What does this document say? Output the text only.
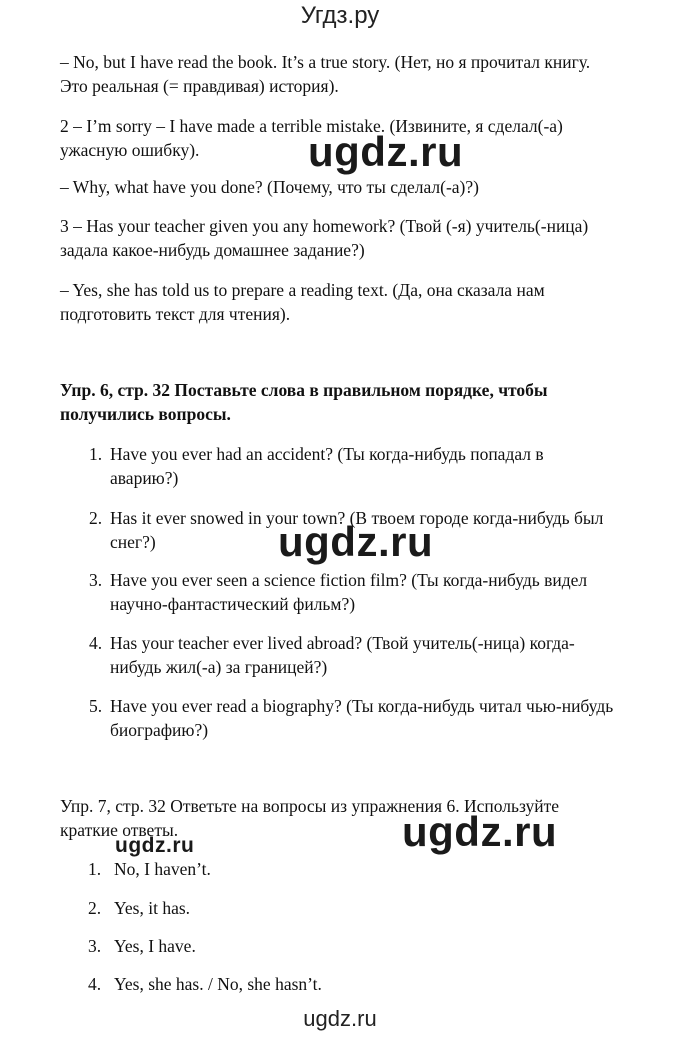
Угдз.ру

– No, but I have read the book. It’s a true story. (Нет, но я прочитал книгу. Это реальная (= правдивая) история).

ugdz.ru

2 – I’m sorry – I have made a terrible mistake. (Извините, я сделал(-а) ужасную ошибку).

– Why, what have you done? (Почему, что ты сделал(-а)?)

3 – Has your teacher given you any homework? (Твой (-я) учитель(-ница) задала какое-нибудь домашнее задание?)

– Yes, she has told us to prepare a reading text. (Да, она сказала нам подготовить текст для чтения).

Упр. 6, стр. 32 Поставьте слова в правильном порядке, чтобы получились вопросы.

1. Have you ever had an accident? (Ты когда-нибудь попадал в аварию?)
2. Has it ever snowed in your town? (В твоем городе когда-нибудь был снег?)
3. Have you ever seen a science fiction film? (Ты когда-нибудь видел научно-фантастический фильм?)
4. Has your teacher ever lived abroad? (Твой учитель(-ница) когда-нибудь жил(-а) за границей?)
5. Have you ever read a biography? (Ты когда-нибудь читал чью-нибудь биографию?)
ugdz.ru

Упр. 7, стр. 32 Ответьте на вопросы из упражнения 6. Используйте краткие ответы.	ugdz.ru
ugdz.ru
1. No, I haven’t.
2. Yes, it has.
3. Yes, I have.
4. Yes, she has. / No, she hasn’t.
ugdz.ru
